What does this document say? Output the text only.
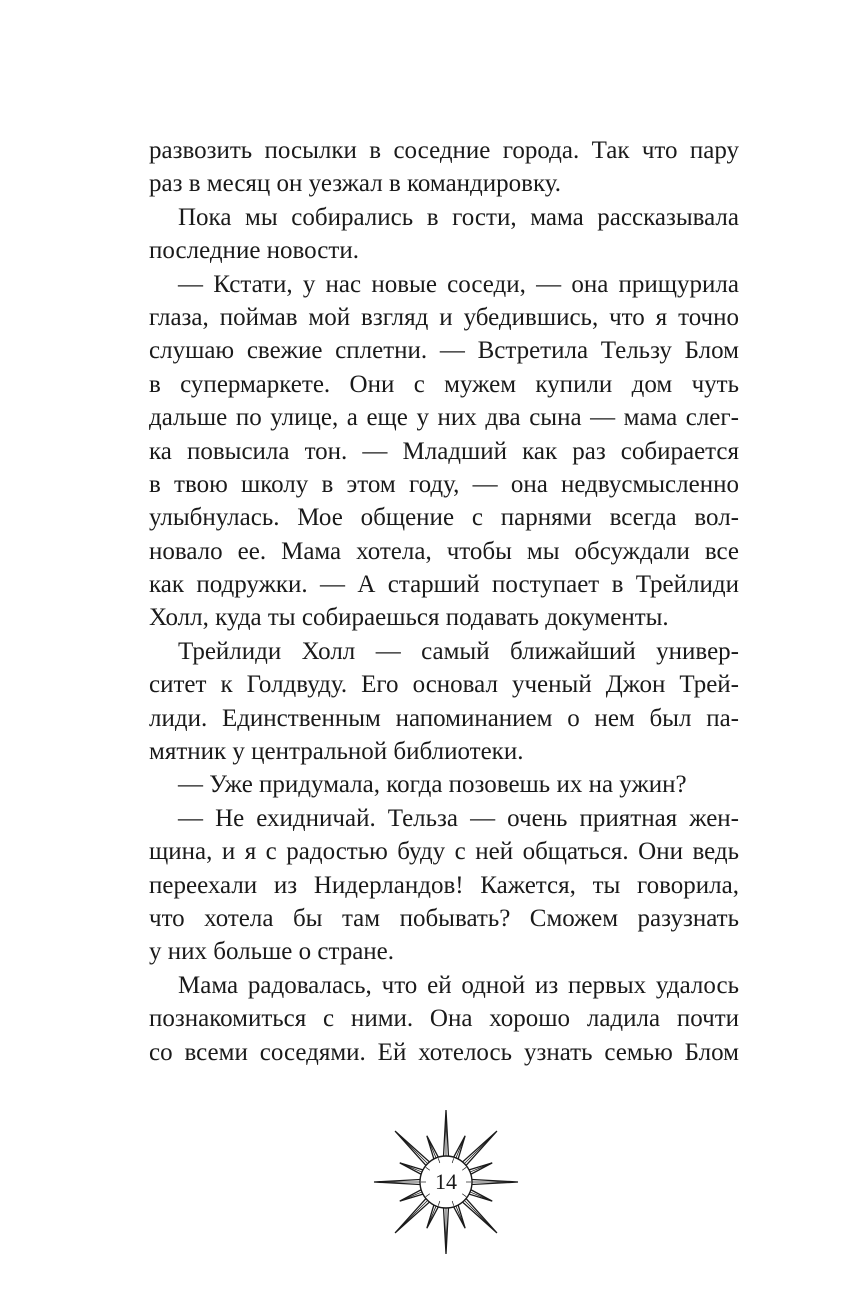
развозить посылки в соседние города. Так что пару
раз в месяц он уезжал в командировку.
Пока мы собирались в гости, мама рассказывала
последние новости.
— Кстати, у нас новые соседи, — она прищурила
глаза, поймав мой взгляд и убедившись, что я точно
слушаю свежие сплетни. — Встретила Тельзу Блом
в супермаркете. Они с мужем купили дом чуть
дальше по улице, а еще у них два сына — мама слег-
ка повысила тон. — Младший как раз собирается
в твою школу в этом году, — она недвусмысленно
улыбнулась. Мое общение с парнями всегда вол-
новало ее. Мама хотела, чтобы мы обсуждали все
как подружки. — А старший поступает в Трейлиди
Холл, куда ты собираешься подавать документы.
Трейлиди Холл — самый ближайший универ-
ситет к Голдвуду. Его основал ученый Джон Трей-
лиди. Единственным напоминанием о нем был па-
мятник у центральной библиотеки.
— Уже придумала, когда позовешь их на ужин?
— Не ехидничай. Тельза — очень приятная жен-
щина, и я с радостью буду с ней общаться. Они ведь
переехали из Нидерландов! Кажется, ты говорила,
что хотела бы там побывать? Сможем разузнать
у них больше о стране.
Мама радовалась, что ей одной из первых удалось
познакомиться с ними. Она хорошо ладила почти
со всеми соседями. Ей хотелось узнать семью Блом
14
